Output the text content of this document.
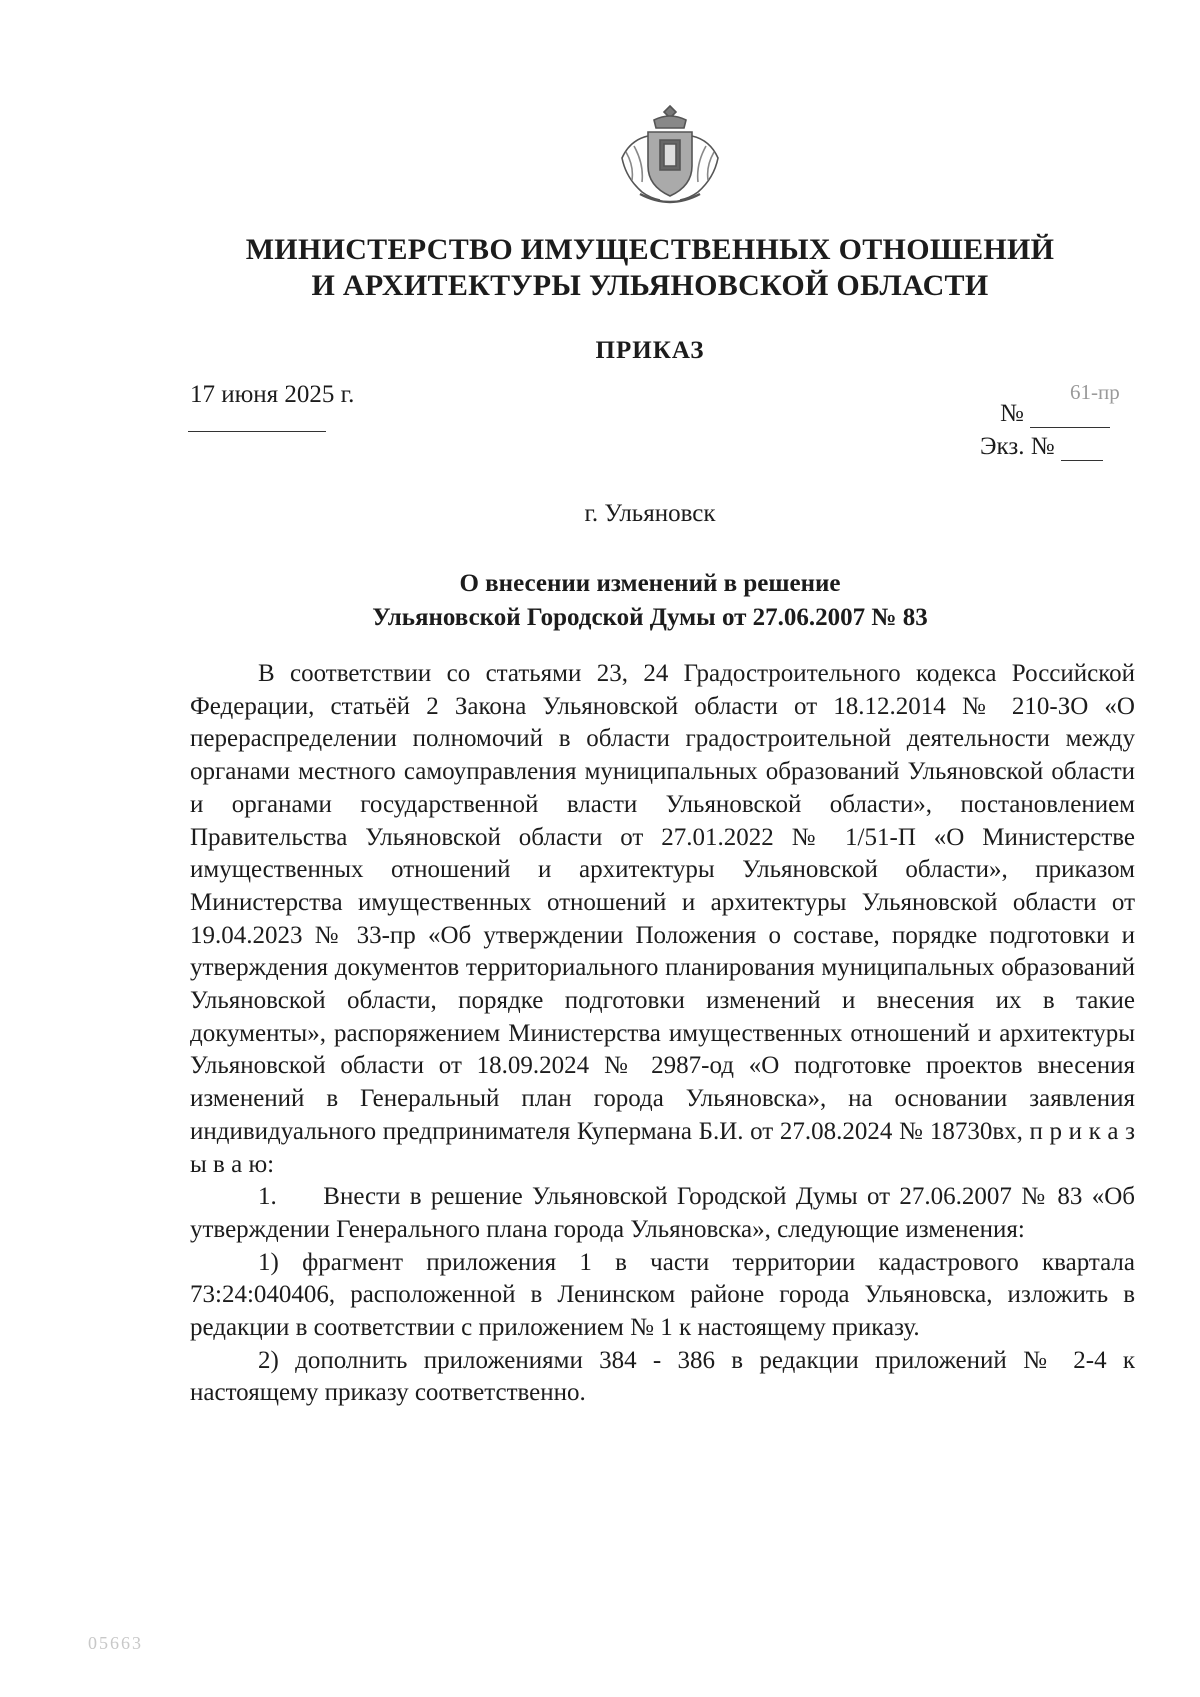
МИНИСТЕРСТВО ИМУЩЕСТВЕННЫХ ОТНОШЕНИЙ
И АРХИТЕКТУРЫ УЛЬЯНОВСКОЙ ОБЛАСТИ
ПРИКАЗ
17 июня 2025 г.	61-пр
№
Экз. №
г. Ульяновск
О внесении изменений в решение
Ульяновской Городской Думы от 27.06.2007 № 83

В соответствии со статьями 23, 24 Градостроительного кодекса Российской Федерации, статьёй 2 Закона Ульяновской области от 18.12.2014 № 210-ЗО «О перераспределении полномочий в области градостроительной деятельности между органами местного самоуправления муниципальных образований Ульяновской области и органами государственной власти Ульяновской области», постановлением Правительства Ульяновской области от 27.01.2022 № 1/51-П «О Министерстве имущественных отношений и архитектуры Ульяновской области», приказом Министерства имущественных отношений и архитектуры Ульяновской области от 19.04.2023 № 33-пр «Об утверждении Положения о составе, порядке подготовки и утверждения документов территориального планирования муниципальных образований Ульяновской области, порядке подготовки изменений и внесения их в такие документы», распоряжением Министерства имущественных отношений и архитектуры Ульяновской области от 18.09.2024 № 2987-од «О подготовке проектов внесения изменений в Генеральный план города Ульяновска», на основании заявления индивидуального предпринимателя Купермана Б.И. от 27.08.2024 № 18730вх, п р и к а з ы в а ю:

1.     Внести в решение Ульяновской Городской Думы от 27.06.2007 № 83 «Об утверждении Генерального плана города Ульяновска», следующие изменения:

1) фрагмент приложения 1 в части территории кадастрового квартала 73:24:040406, расположенной в Ленинском районе города Ульяновска, изложить в редакции в соответствии с приложением № 1 к настоящему приказу.

2) дополнить приложениями 384 - 386 в редакции приложений № 2-4 к настоящему приказу соответственно.

05663
